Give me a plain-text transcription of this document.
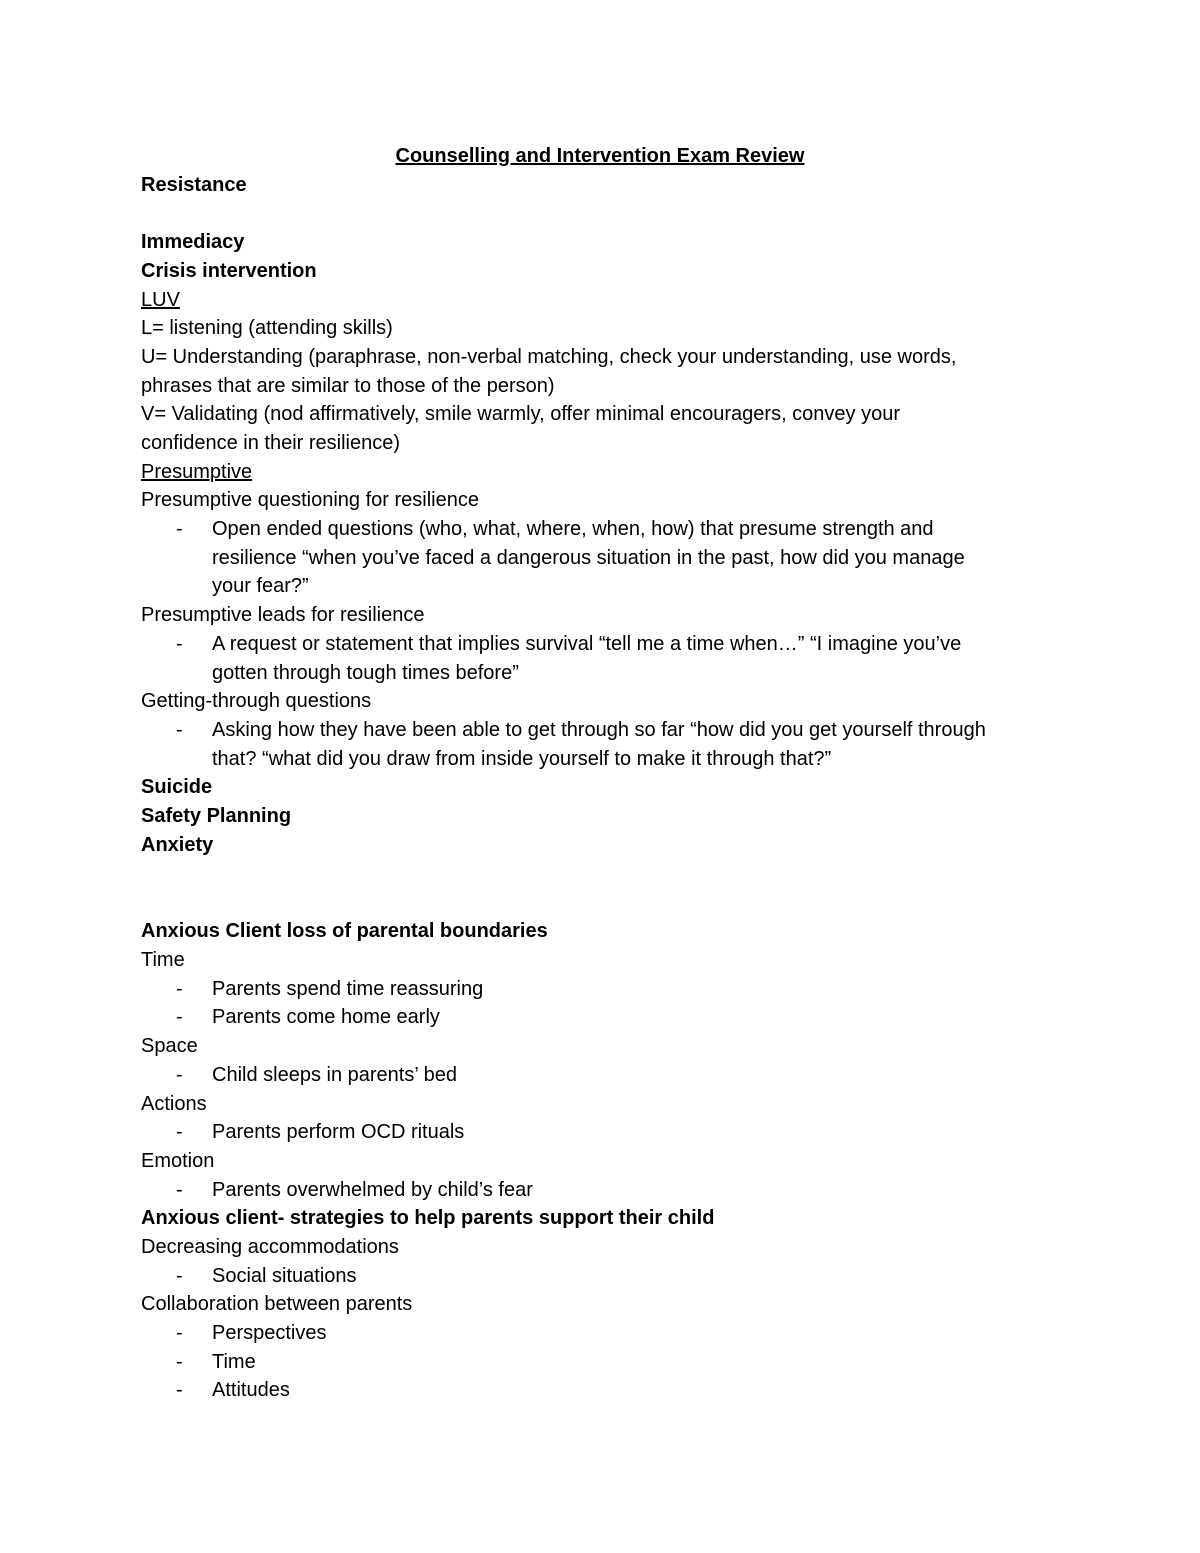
Counselling and Intervention Exam Review
Resistance
Immediacy
Crisis intervention
LUV
L= listening (attending skills)
U= Understanding (paraphrase, non-verbal matching, check your understanding, use words,
phrases that are similar to those of the person)
V= Validating (nod affirmatively, smile warmly, offer minimal encouragers, convey your
confidence in their resilience)
Presumptive
Presumptive questioning for resilience
- Open ended questions (who, what, where, when, how) that presume strength and
resilience “when you’ve faced a dangerous situation in the past, how did you manage
your fear?”
Presumptive leads for resilience
- A request or statement that implies survival “tell me a time when…” “I imagine you’ve
gotten through tough times before”
Getting-through questions
- Asking how they have been able to get through so far “how did you get yourself through
that? “what did you draw from inside yourself to make it through that?”
Suicide
Safety Planning
Anxiety
Anxious Client loss of parental boundaries
Time
- Parents spend time reassuring
- Parents come home early
Space
- Child sleeps in parents’ bed
Actions
- Parents perform OCD rituals
Emotion
- Parents overwhelmed by child’s fear
Anxious client- strategies to help parents support their child
Decreasing accommodations
- Social situations
Collaboration between parents
- Perspectives
- Time
- Attitudes
